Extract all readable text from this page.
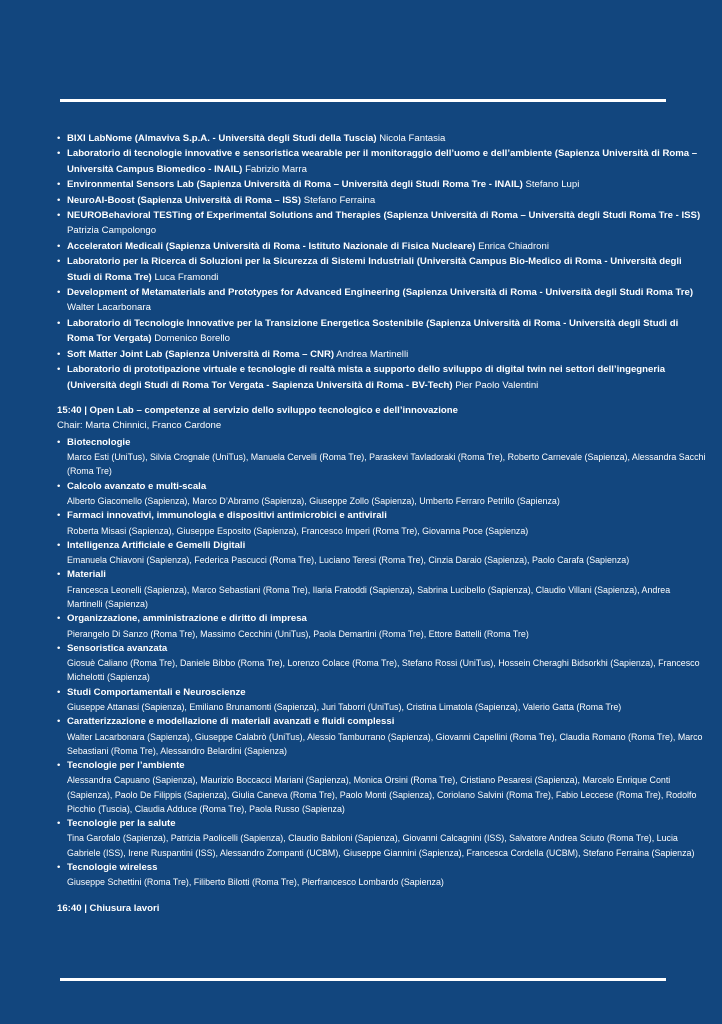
• BIXI LabNome (Almaviva S.p.A. - Università degli Studi della Tuscia) Nicola Fantasia
• Laboratorio di tecnologie innovative e sensoristica wearable per il monitoraggio dell’uomo e dell’ambiente (Sapienza Università di Roma – Università Campus Biomedico - INAIL) Fabrizio Marra
• Environmental Sensors Lab (Sapienza Università di Roma – Università degli Studi Roma Tre - INAIL) Stefano Lupi
• NeuroAI-Boost (Sapienza Università di Roma – ISS) Stefano Ferraina
• NEUROBehavioral TESTing of Experimental Solutions and Therapies (Sapienza Università di Roma – Università degli Studi Roma Tre - ISS) Patrizia Campolongo
• Acceleratori Medicali (Sapienza Università di Roma - Istituto Nazionale di Fisica Nucleare) Enrica Chiadroni
• Laboratorio per la Ricerca di Soluzioni per la Sicurezza di Sistemi Industriali (Università Campus Bio-Medico di Roma - Università degli Studi di Roma Tre) Luca Framondi
• Development of Metamaterials and Prototypes for Advanced Engineering (Sapienza Università di Roma - Università degli Studi Roma Tre) Walter Lacarbonara
• Laboratorio di Tecnologie Innovative per la Transizione Energetica Sostenibile (Sapienza Università di Roma - Università degli Studi di Roma Tor Vergata) Domenico Borello
• Soft Matter Joint Lab (Sapienza Università di Roma – CNR) Andrea Martinelli
• Laboratorio di prototipazione virtuale e tecnologie di realtà mista a supporto dello sviluppo di digital twin nei settori dell’ingegneria (Università degli Studi di Roma Tor Vergata - Sapienza Università di Roma - BV-Tech) Pier Paolo Valentini
15:40 | Open Lab – competenze al servizio dello sviluppo tecnologico e dell’innovazione
Chair: Marta Chinnici, Franco Cardone
• Biotecnologie
Marco Esti (UniTus), Silvia Crognale (UniTus), Manuela Cervelli (Roma Tre), Paraskevi Tavladoraki (Roma Tre), Roberto Carnevale (Sapienza), Alessandra Sacchi (Roma Tre)
• Calcolo avanzato e multi-scala
Alberto Giacomello (Sapienza), Marco D’Abramo (Sapienza), Giuseppe Zollo (Sapienza), Umberto Ferraro Petrillo (Sapienza)
• Farmaci innovativi, immunologia e dispositivi antimicrobici e antivirali
Roberta Misasi (Sapienza), Giuseppe Esposito (Sapienza), Francesco Imperi (Roma Tre), Giovanna Poce (Sapienza)
• Intelligenza Artificiale e Gemelli Digitali
Emanuela Chiavoni (Sapienza), Federica Pascucci (Roma Tre), Luciano Teresi (Roma Tre), Cinzia Daraio (Sapienza), Paolo Carafa (Sapienza)
• Materiali
Francesca Leonelli (Sapienza), Marco Sebastiani (Roma Tre), Ilaria Fratoddi (Sapienza), Sabrina Lucibello (Sapienza), Claudio Villani (Sapienza), Andrea Martinelli (Sapienza)
• Organizzazione, amministrazione e diritto di impresa
Pierangelo Di Sanzo (Roma Tre), Massimo Cecchini (UniTus), Paola Demartini (Roma Tre), Ettore Battelli (Roma Tre)
• Sensoristica avanzata
Giosuè Caliano (Roma Tre), Daniele Bibbo (Roma Tre), Lorenzo Colace (Roma Tre), Stefano Rossi (UniTus), Hossein Cheraghi Bidsorkhi (Sapienza), Francesco Michelotti (Sapienza)
• Studi Comportamentali e Neuroscienze
Giuseppe Attanasi (Sapienza), Emiliano Brunamonti (Sapienza), Juri Taborri (UniTus), Cristina Limatola (Sapienza), Valerio Gatta (Roma Tre)
• Caratterizzazione e modellazione di materiali avanzati e fluidi complessi
Walter Lacarbonara (Sapienza), Giuseppe Calabrò (UniTus), Alessio Tamburrano (Sapienza), Giovanni Capellini (Roma Tre), Claudia Romano (Roma Tre), Marco Sebastiani (Roma Tre), Alessandro Belardini (Sapienza)
• Tecnologie per l’ambiente
Alessandra Capuano (Sapienza), Maurizio Boccacci Mariani (Sapienza), Monica Orsini (Roma Tre), Cristiano Pesaresi (Sapienza), Marcelo Enrique Conti (Sapienza), Paolo De Filippis (Sapienza), Giulia Caneva (Roma Tre), Paolo Monti (Sapienza), Coriolano Salvini (Roma Tre), Fabio Leccese (Roma Tre), Rodolfo Picchio (Tuscia), Claudia Adduce (Roma Tre), Paola Russo (Sapienza)
• Tecnologie per la salute
Tina Garofalo (Sapienza), Patrizia Paolicelli (Sapienza), Claudio Babiloni (Sapienza), Giovanni Calcagnini (ISS), Salvatore Andrea Sciuto (Roma Tre), Lucia Gabriele (ISS), Irene Ruspantini (ISS), Alessandro Zompanti (UCBM), Giuseppe Giannini (Sapienza), Francesca Cordella (UCBM), Stefano Ferraina (Sapienza)
• Tecnologie wireless
Giuseppe Schettini (Roma Tre), Filiberto Bilotti (Roma Tre), Pierfrancesco Lombardo (Sapienza)
16:40 | Chiusura lavori
